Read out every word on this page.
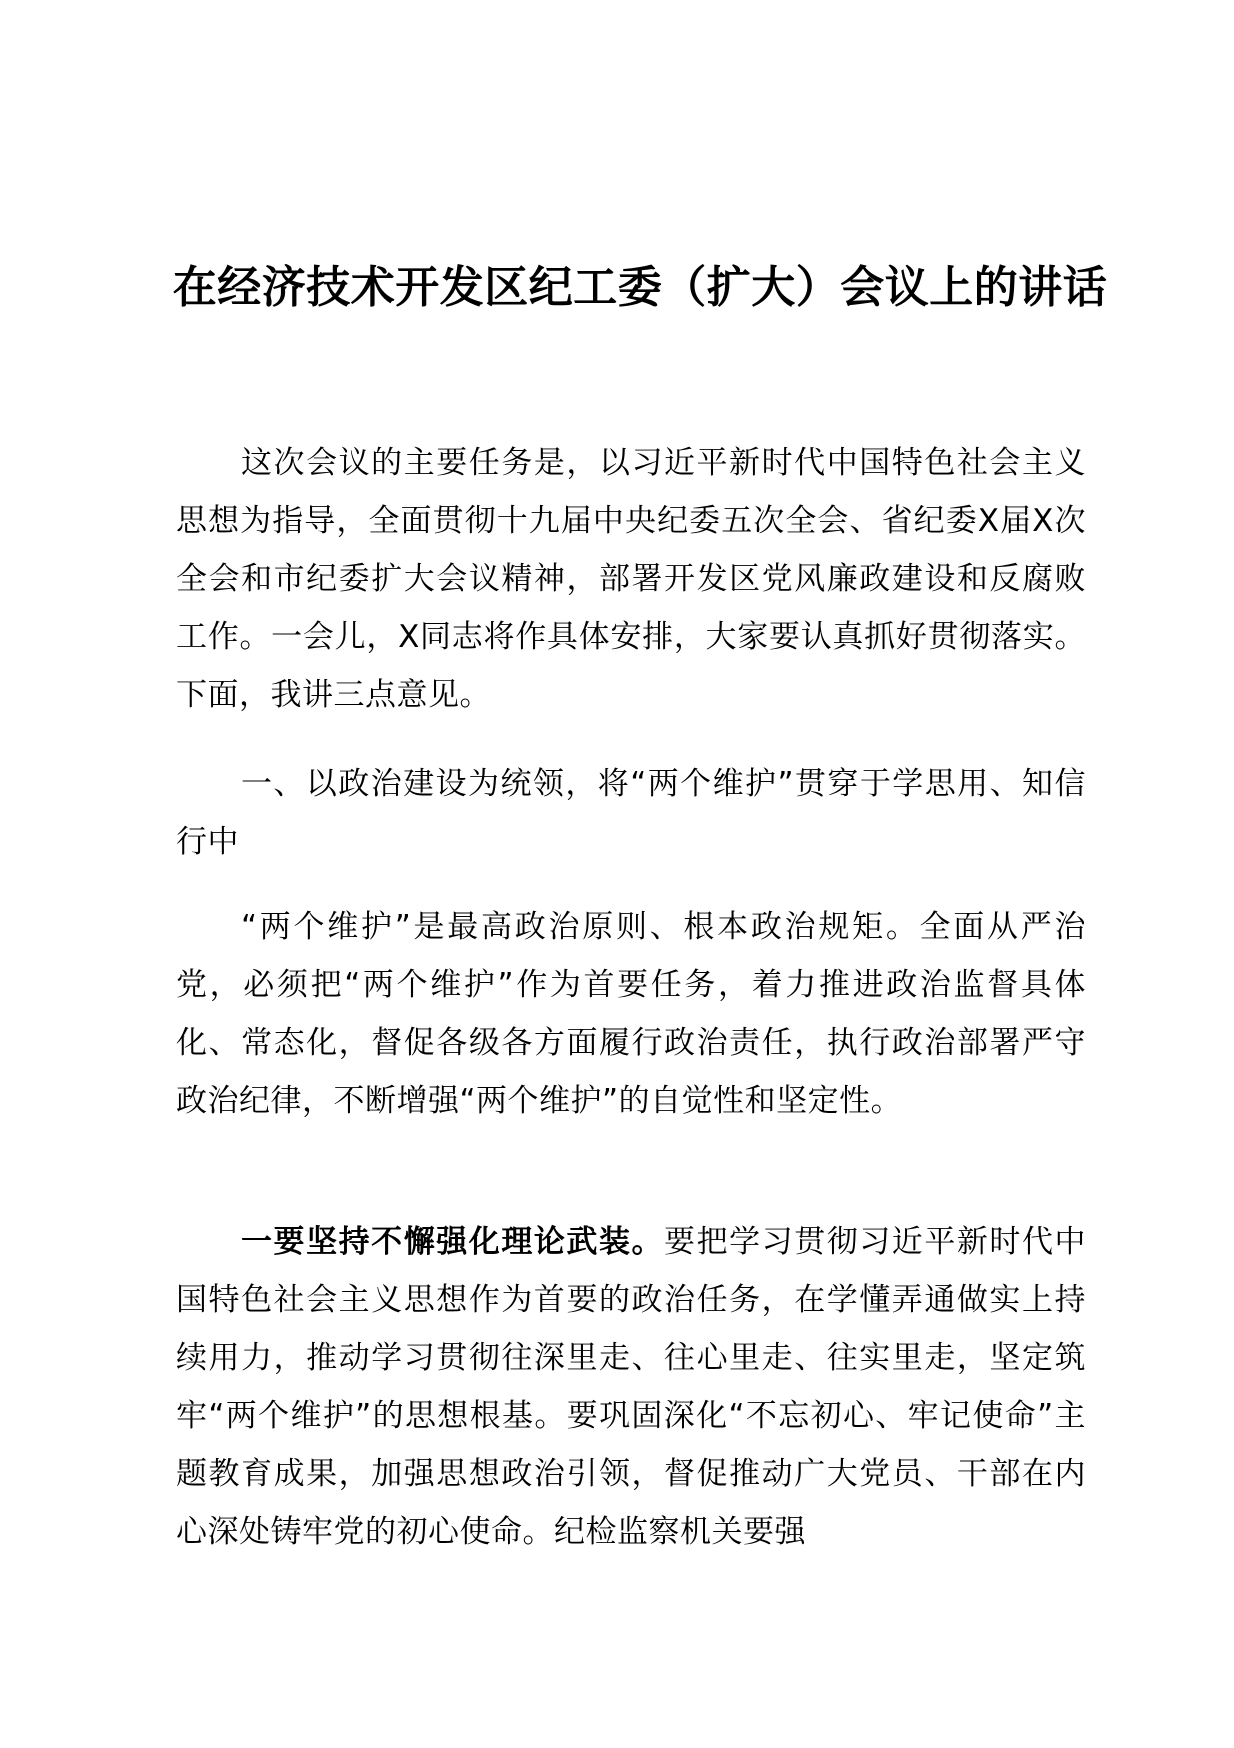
在经济技术开发区纪工委（扩大）会议上的讲话

这次会议的主要任务是，以习近平新时代中国特色社会主义思想为指导，全面贯彻十九届中央纪委五次全会、省纪委X届X次全会和市纪委扩大会议精神，部署开发区党风廉政建设和反腐败工作。一会儿，X同志将作具体安排，大家要认真抓好贯彻落实。下面，我讲三点意见。

一、以政治建设为统领，将“两个维护”贯穿于学思用、知信行中

“两个维护”是最高政治原则、根本政治规矩。全面从严治党，必须把“两个维护”作为首要任务，着力推进政治监督具体化、常态化，督促各级各方面履行政治责任，执行政治部署严守政治纪律，不断增强“两个维护”的自觉性和坚定性。

一要坚持不懈强化理论武装。要把学习贯彻习近平新时代中国特色社会主义思想作为首要的政治任务，在学懂弄通做实上持续用力，推动学习贯彻往深里走、往心里走、往实里走，坚定筑牢“两个维护”的思想根基。要巩固深化“不忘初心、牢记使命”主题教育成果，加强思想政治引领，督促推动广大党员、干部在内心深处铸牢党的初心使命。纪检监察机关要强
